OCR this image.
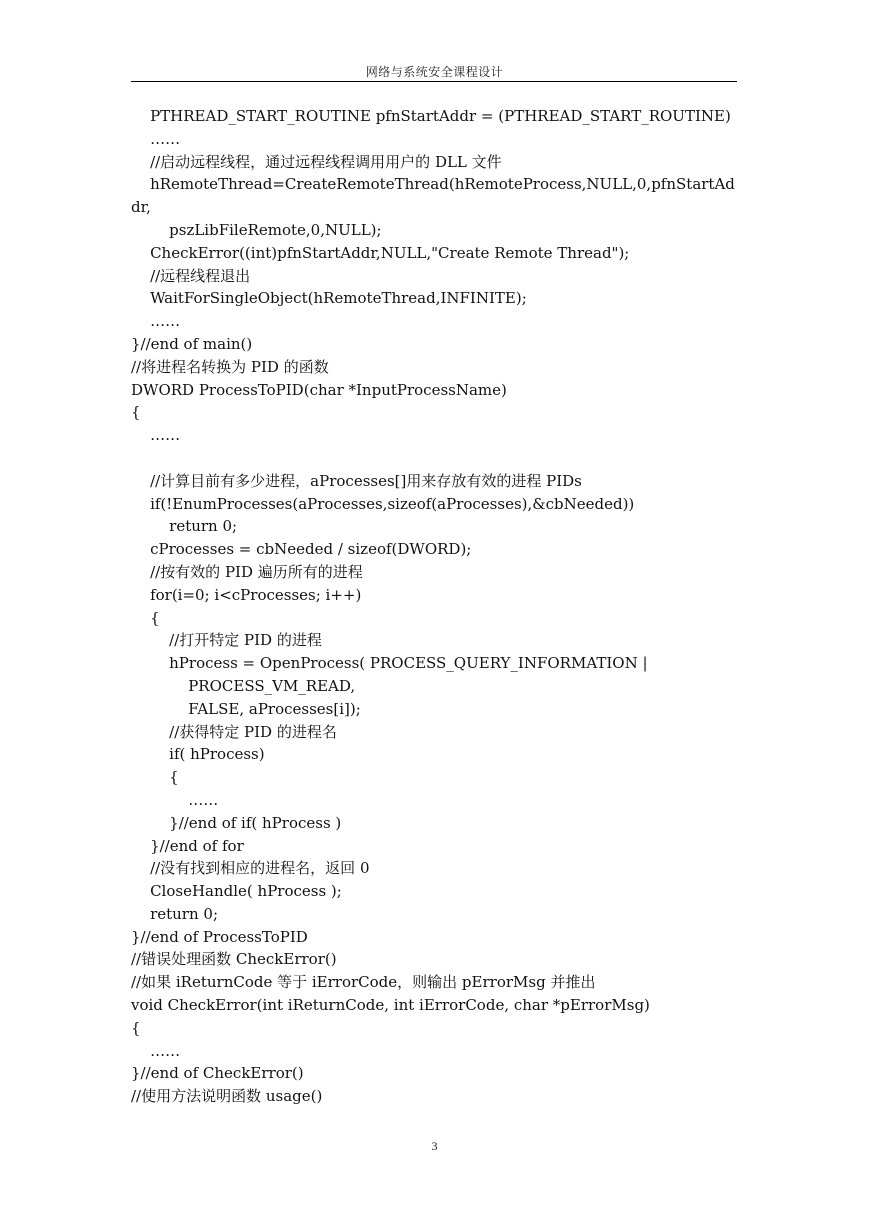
网络与系统安全课程设计
PTHREAD_START_ROUTINE pfnStartAddr = (PTHREAD_START_ROUTINE)
……
//启动远程线程，通过远程线程调用用户的 DLL 文件
hRemoteThread=CreateRemoteThread(hRemoteProcess,NULL,0,pfnStartAd
dr,
pszLibFileRemote,0,NULL);
CheckError((int)pfnStartAddr,NULL,"Create Remote Thread");
//远程线程退出
WaitForSingleObject(hRemoteThread,INFINITE);
……
}//end of main()
//将进程名转换为 PID 的函数
DWORD ProcessToPID(char *InputProcessName)
{
……
//计算目前有多少进程，aProcesses[]用来存放有效的进程 PIDs
if(!EnumProcesses(aProcesses,sizeof(aProcesses),&cbNeeded))
return 0;
cProcesses = cbNeeded / sizeof(DWORD);
//按有效的 PID 遍历所有的进程
for(i=0; i<cProcesses; i++)
{
//打开特定 PID 的进程
hProcess = OpenProcess( PROCESS_QUERY_INFORMATION |
PROCESS_VM_READ,
FALSE, aProcesses[i]);
//获得特定 PID 的进程名
if( hProcess)
{
……
}//end of if( hProcess )
}//end of for
//没有找到相应的进程名，返回 0
CloseHandle( hProcess );
return 0;
}//end of ProcessToPID
//错误处理函数 CheckError()
//如果 iReturnCode 等于 iErrorCode，则输出 pErrorMsg 并推出
void CheckError(int iReturnCode, int iErrorCode, char *pErrorMsg)
{
……
}//end of CheckError()
//使用方法说明函数 usage()
3
